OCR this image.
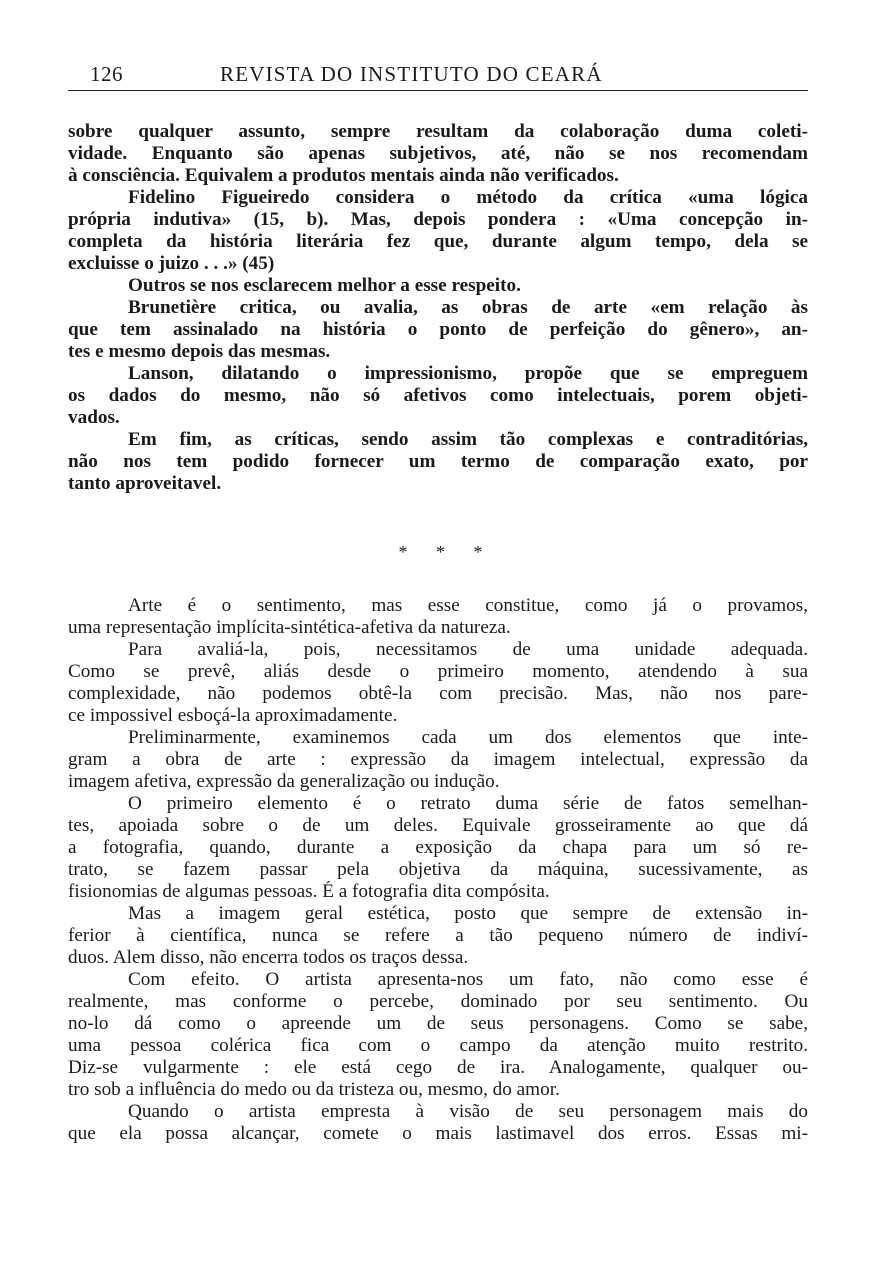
126	REVISTA DO INSTITUTO DO CEARÁ
sobre qualquer assunto, sempre resultam da colaboração duma coleti-
vidade. Enquanto são apenas subjetivos, até, não se nos recomendam
à consciência. Equivalem a produtos mentais ainda não verificados.
Fidelino Figueiredo considera o método da crítica «uma lógica
própria indutiva» (15, b). Mas, depois pondera : «Uma concepção in-
completa da história literária fez que, durante algum tempo, dela se
excluisse o juizo . . .» (45)
Outros se nos esclarecem melhor a esse respeito.
Brunetière critica, ou avalia, as obras de arte «em relação às
que tem assinalado na história o ponto de perfeição do gênero», an-
tes e mesmo depois das mesmas.
Lanson, dilatando o impressionismo, propõe que se empreguem
os dados do mesmo, não só afetivos como intelectuais, porem objeti-
vados.
Em fim, as críticas, sendo assim tão complexas e contraditórias,
não nos tem podido fornecer um termo de comparação exato, por
tanto aproveitavel.
* * *
Arte é o sentimento, mas esse constitue, como já o provamos,
uma representação implícita-sintética-afetiva da natureza.
Para avaliá-la, pois, necessitamos de uma unidade adequada.
Como se prevê, aliás desde o primeiro momento, atendendo à sua
complexidade, não podemos obtê-la com precisão. Mas, não nos pare-
ce impossivel esboçá-la aproximadamente.
Preliminarmente, examinemos cada um dos elementos que inte-
gram a obra de arte : expressão da imagem intelectual, expressão da
imagem afetiva, expressão da generalização ou indução.
O primeiro elemento é o retrato duma série de fatos semelhan-
tes, apoiada sobre o de um deles. Equivale grosseiramente ao que dá
a fotografia, quando, durante a exposição da chapa para um só re-
trato, se fazem passar pela objetiva da máquina, sucessivamente, as
fisionomias de algumas pessoas. É a fotografia dita compósita.
Mas a imagem geral estética, posto que sempre de extensão in-
ferior à científica, nunca se refere a tão pequeno número de indiví-
duos. Alem disso, não encerra todos os traços dessa.
Com efeito. O artista apresenta-nos um fato, não como esse é
realmente, mas conforme o percebe, dominado por seu sentimento. Ou
no-lo dá como o apreende um de seus personagens. Como se sabe,
uma pessoa colérica fica com o campo da atenção muito restrito.
Diz-se vulgarmente : ele está cego de ira. Analogamente, qualquer ou-
tro sob a influência do medo ou da tristeza ou, mesmo, do amor.
Quando o artista empresta à visão de seu personagem mais do
que ela possa alcançar, comete o mais lastimavel dos erros. Essas mi-
